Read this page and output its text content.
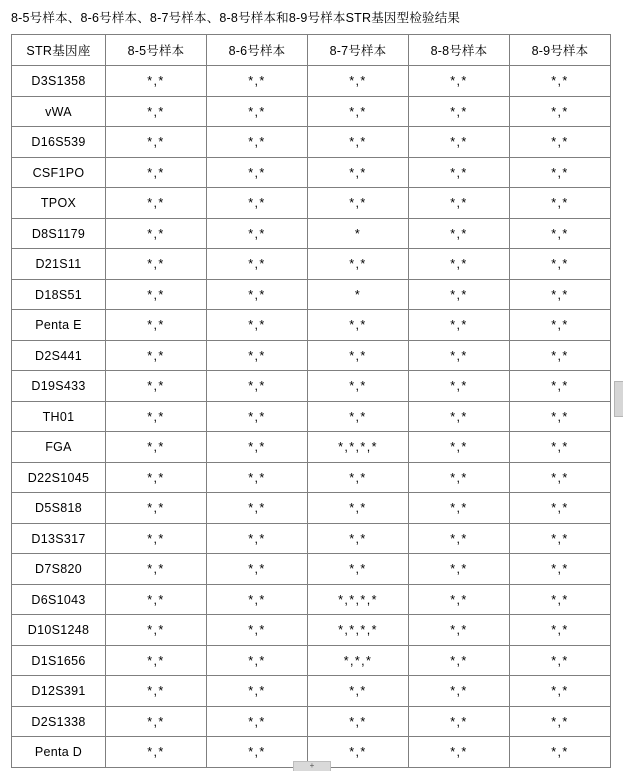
8-5号样本、8-6号样本、8-7号样本、8-8号样本和8-9号样本STR基因型检验结果
STR基因座	8-5号样本	8-6号样本	8-7号样本	8-8号样本	8-9号样本
D3S1358	*,*	*,*	*,*	*,*	*,*
vWA	*,*	*,*	*,*	*,*	*,*
D16S539	*,*	*,*	*,*	*,*	*,*
CSF1PO	*,*	*,*	*,*	*,*	*,*
TPOX	*,*	*,*	*,*	*,*	*,*
D8S1179	*,*	*,*	*	*,*	*,*
D21S11	*,*	*,*	*,*	*,*	*,*
D18S51	*,*	*,*	*	*,*	*,*
Penta E	*,*	*,*	*,*	*,*	*,*
D2S441	*,*	*,*	*,*	*,*	*,*
D19S433	*,*	*,*	*,*	*,*	*,*
TH01	*,*	*,*	*,*	*,*	*,*
FGA	*,*	*,*	*,*,*,*	*,*	*,*
D22S1045	*,*	*,*	*,*	*,*	*,*
D5S818	*,*	*,*	*,*	*,*	*,*
D13S317	*,*	*,*	*,*	*,*	*,*
D7S820	*,*	*,*	*,*	*,*	*,*
D6S1043	*,*	*,*	*,*,*,*	*,*	*,*
D10S1248	*,*	*,*	*,*,*,*	*,*	*,*
D1S1656	*,*	*,*	*,*,*	*,*	*,*
D12S391	*,*	*,*	*,*	*,*	*,*
D2S1338	*,*	*,*	*,*	*,*	*,*
Penta D	*,*	*,*	*,*	*,*	*,*
+
